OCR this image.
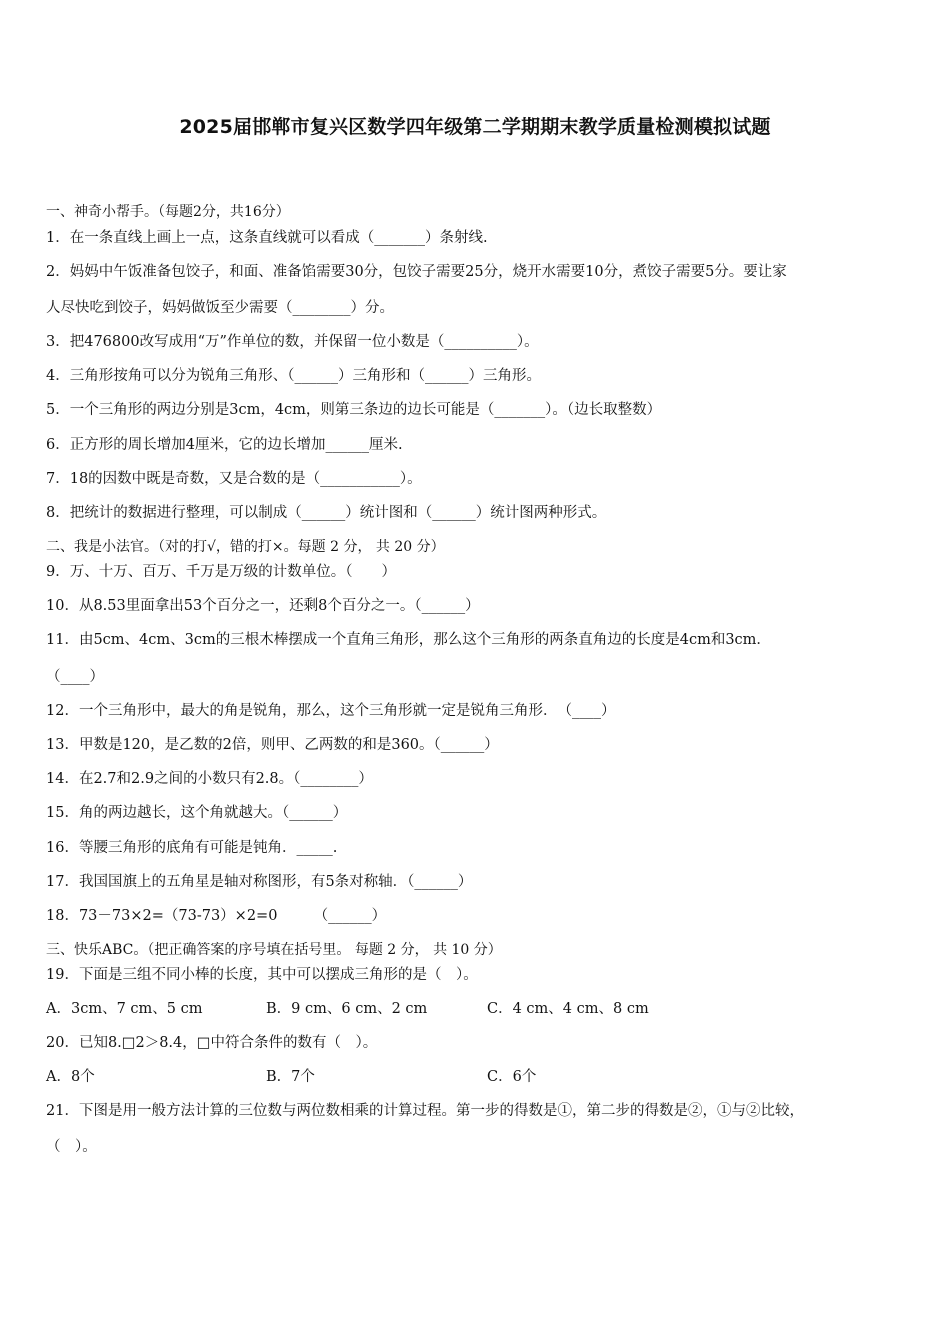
2025届邯郸市复兴区数学四年级第二学期期末教学质量检测模拟试题
一、神奇小帮手。（每题2分，共16分）
1．在一条直线上画上一点，这条直线就可以看成（_______）条射线.
2．妈妈中午饭准备包饺子，和面、准备馅需要30分，包饺子需要25分，烧开水需要10分，煮饺子需要5分。要让家
人尽快吃到饺子，妈妈做饭至少需要（________）分。
3．把476800改写成用“万”作单位的数，并保留一位小数是（__________）。
4．三角形按角可以分为锐角三角形、（______）三角形和（______）三角形。
5．一个三角形的两边分别是3cm，4cm，则第三条边的边长可能是（_______）。（边长取整数）
6．正方形的周长增加4厘米，它的边长增加______厘米.
7．18的因数中既是奇数，又是合数的是（___________）。
8．把统计的数据进行整理，可以制成（______）统计图和（______）统计图两种形式。
二、我是小法官。（对的打√，错的打×。每题 2 分， 共 20 分）
9．万、十万、百万、千万是万级的计数单位。（　　）
10．从8.53里面拿出53个百分之一，还剩8个百分之一。（______）
11．由5cm、4cm、3cm的三根木棒摆成一个直角三角形，那么这个三角形的两条直角边的长度是4cm和3cm．
（____）
12．一个三角形中，最大的角是锐角，那么，这个三角形就一定是锐角三角形．　（____）
13．甲数是120，是乙数的2倍，则甲、乙两数的和是360。（______）
14．在2.7和2.9之间的小数只有2.8。（________）
15．角的两边越长，这个角就越大。（______）
16．等腰三角形的底角有可能是钝角．_____.
17．我国国旗上的五角星是轴对称图形，有5条对称轴．（______）
18．73－73×2=（73-73）×2=0　　　（______）
三、快乐ABC。（把正确答案的序号填在括号里。 每题 2 分， 共 10 分）
19．下面是三组不同小棒的长度，其中可以摆成三角形的是（　）。
A．3cm、7 cm、5 cm	B．9 cm、6 cm、2 cm	C．4 cm、4 cm、8 cm
20．已知8.□2＞8.4，□中符合条件的数有（　）。
A．8个	B．7个	C．6个
21．下图是用一般方法计算的三位数与两位数相乘的计算过程。第一步的得数是①，第二步的得数是②，①与②比较，
（　）。
